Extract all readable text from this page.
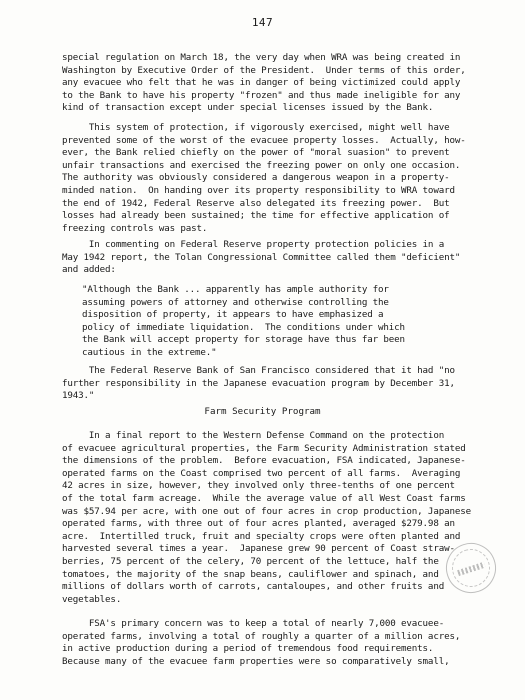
147
special regulation on March 18, the very day when WRA was being created in
Washington by Executive Order of the President.  Under terms of this order,
any evacuee who felt that he was in danger of being victimized could apply
to the Bank to have his property "frozen" and thus made ineligible for any
kind of transaction except under special licenses issued by the Bank.
This system of protection, if vigorously exercised, might well have
prevented some of the worst of the evacuee property losses.  Actually, how-
ever, the Bank relied chiefly on the power of "moral suasion" to prevent
unfair transactions and exercised the freezing power on only one occasion.
The authority was obviously considered a dangerous weapon in a property-
minded nation.  On handing over its property responsibility to WRA toward
the end of 1942, Federal Reserve also delegated its freezing power.  But
losses had already been sustained; the time for effective application of
freezing controls was past.
In commenting on Federal Reserve property protection policies in a
May 1942 report, the Tolan Congressional Committee called them "deficient"
and added:
"Although the Bank ... apparently has ample authority for
assuming powers of attorney and otherwise controlling the
disposition of property, it appears to have emphasized a
policy of immediate liquidation.  The conditions under which
the Bank will accept property for storage have thus far been
cautious in the extreme."
The Federal Reserve Bank of San Francisco considered that it had "no
further responsibility in the Japanese evacuation program by December 31,
1943."
Farm Security Program
In a final report to the Western Defense Command on the protection
of evacuee agricultural properties, the Farm Security Administration stated
the dimensions of the problem.  Before evacuation, FSA indicated, Japanese-
operated farms on the Coast comprised two percent of all farms.  Averaging
42 acres in size, however, they involved only three-tenths of one percent
of the total farm acreage.  While the average value of all West Coast farms
was $57.94 per acre, with one out of four acres in crop production, Japanese
operated farms, with three out of four acres planted, averaged $279.98 an
acre.  Intertilled truck, fruit and specialty crops were often planted and
harvested several times a year.  Japanese grew 90 percent of Coast straw-
berries, 75 percent of the celery, 70 percent of the lettuce, half the
tomatoes, the majority of the snap beans, cauliflower and spinach, and
millions of dollars worth of carrots, cantaloupes, and other fruits and
vegetables.
FSA's primary concern was to keep a total of nearly 7,000 evacuee-
operated farms, involving a total of roughly a quarter of a million acres,
in active production during a period of tremendous food requirements.
Because many of the evacuee farm properties were so comparatively small,
